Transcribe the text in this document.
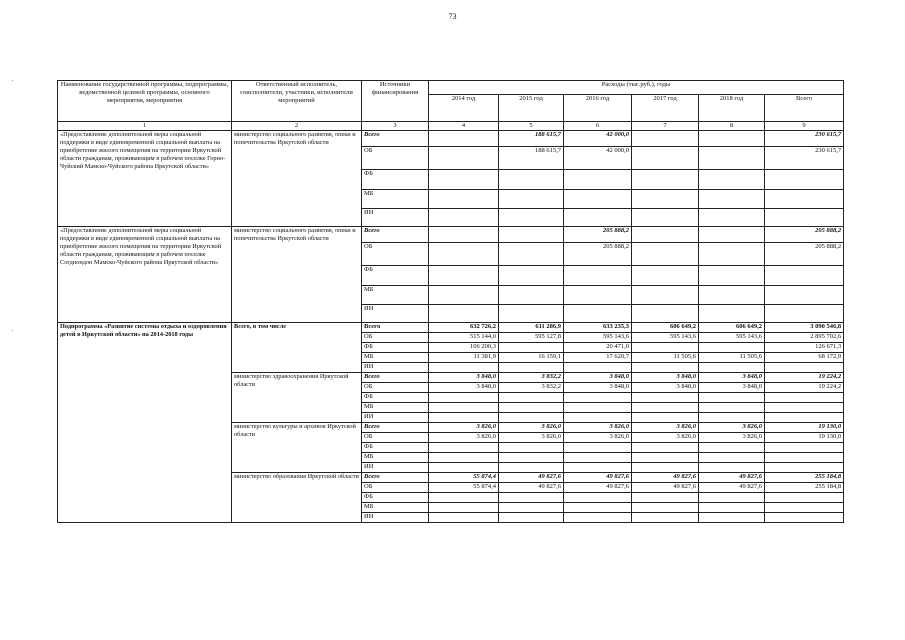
73
Наименование государственной программы, подпрограммы, ведомственной целевой программы, основного мероприятия, мероприятия	Ответственный исполнитель, соисполнители, участники, исполнители мероприятий	Источники финансирования	Расходы (тыс.руб.), годы					
			2014 год	2015 год	2016 год	2017 год	2018 год	Всего
1	2	3	4	5	6	7	8	9
«Предоставление дополнительной меры социальной поддержки в виде единовременной социальной выплаты на приобретение жилого помещения на территории Иркутской области гражданам, проживающим в рабочем поселке Горно-Чуйский Мамско-Чуйского района Иркутской области»	министерство социального развития, опеки и попечительства Иркутской области	Всего		188 615,7	42 000,0			230 615,7
		ОБ		188 615,7	42 000,0			230 615,7
		ФБ						
		МБ						
		ИИ						
«Предоставление дополнительной меры социальной поддержки в виде единовременной социальной выплаты на приобретение жилого помещения на территории Иркутской области гражданам, проживающим в рабочем поселке Согдиондон Мамско-Чуйского района Иркутской области»	министерство социального развития, опеки и попечительства Иркутской области	Всего			205 888,2			205 888,2
		ОБ			205 888,2			205 888,2
		ФБ						
		МБ						
		ИИ						
Подпрограмма «Развитие системы отдыха и оздоровления детей в Иркутской области» на 2014-2018 годы	Всего, в том числе	Всего	632 726,2	611 286,9	633 235,3	606 649,2	606 649,2	3 090 546,8
		ОБ	515 144,0	595 127,8	595 143,6	595 143,6	595 143,6	2 895 702,6
		ФБ	106 200,3		20 471,0			126 671,3
		МБ	11 381,9	16 159,1	17 620,7	11 505,6	11 505,6	68 172,9
		ИИ						
	министерство здравоохранения Иркутской области	Всего	3 848,0	3 832,2	3 848,0	3 848,0	3 848,0	19 224,2
		ОБ	3 848,0	3 832,2	3 848,0	3 848,0	3 848,0	19 224,2
		ФБ						
		МБ						
		ИИ						
	министерство культуры и архивов Иркутской области	Всего	3 826,0	3 826,0	3 826,0	3 826,0	3 826,0	19 130,0
		ОБ	3 826,0	3 826,0	3 826,0	3 826,0	3 826,0	19 130,0
		ФБ						
		МБ						
		ИИ						
	министерство образования Иркутской области	Всего	55 874,4	49 827,6	49 827,6	49 827,6	49 827,6	255 184,8
		ОБ	55 874,4	49 827,6	49 827,6	49 827,6	49 827,6	255 184,8
		ФБ						
		МБ						
		ИИ						
